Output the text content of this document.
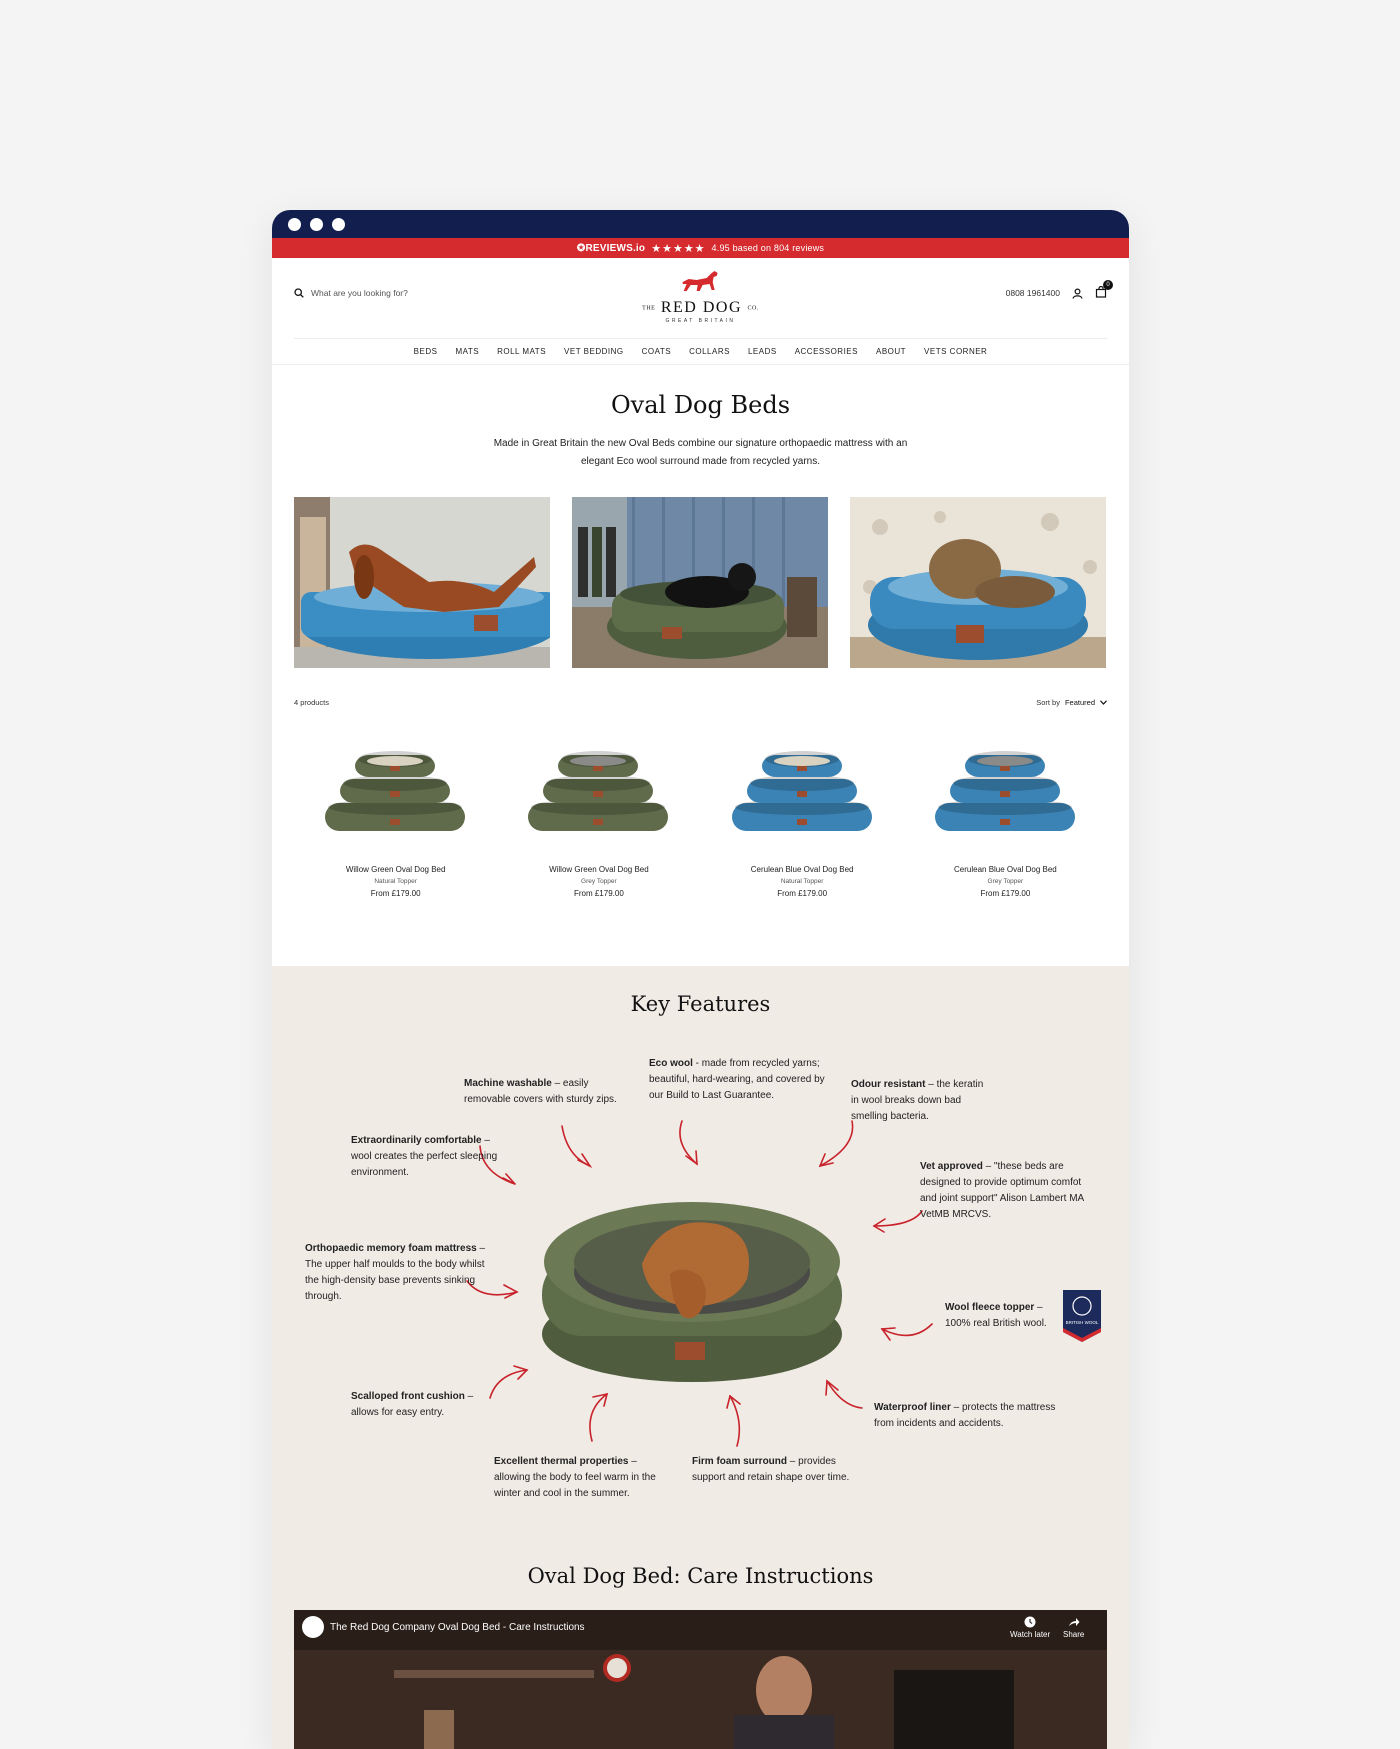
✪REVIEWS.io ★★★★★ 4.95 based on 804 reviews
What are you looking for?
THE RED DOG CO.
GREAT BRITAIN
0808 1961400
0
BEDS MATS ROLL MATS VET BEDDING COATS COLLARS LEADS ACCESSORIES ABOUT VETS CORNER
Oval Dog Beds

Made in Great Britain the new Oval Beds combine our signature orthopaedic mattress with an elegant Eco wool surround made from recycled yarns.

4 products	Sort by Featured
Willow Green Oval Dog Bed
Natural Topper
From £179.00
Willow Green Oval Dog Bed
Grey Topper
From £179.00
Cerulean Blue Oval Dog Bed
Natural Topper
From £179.00
Cerulean Blue Oval Dog Bed
Grey Topper
From £179.00
Key Features
Machine washable – easily removable covers with sturdy zips.
Eco wool - made from recycled yarns; beautiful, hard-wearing, and covered by our Build to Last Guarantee.
Odour resistant – the keratin in wool breaks down bad smelling bacteria.
Extraordinarily comfortable – wool creates the perfect sleeping environment.
Vet approved – "these beds are designed to provide optimum comfot and joint support" Alison Lambert MA VetMB MRCVS.
Orthopaedic memory foam mattress – The upper half moulds to the body whilst the high-density base prevents sinking through.
Wool fleece topper – 100% real British wool.	BRITISH WOOL
Scalloped front cushion – allows for easy entry.	Waterproof liner – protects the mattress from incidents and accidents.
Excellent thermal properties – allowing the body to feel warm in the winter and cool in the summer.
Firm foam surround – provides support and retain shape over time.
Oval Dog Bed: Care Instructions
The Red Dog Company Oval Dog Bed - Care Instructions
Watch later Share
